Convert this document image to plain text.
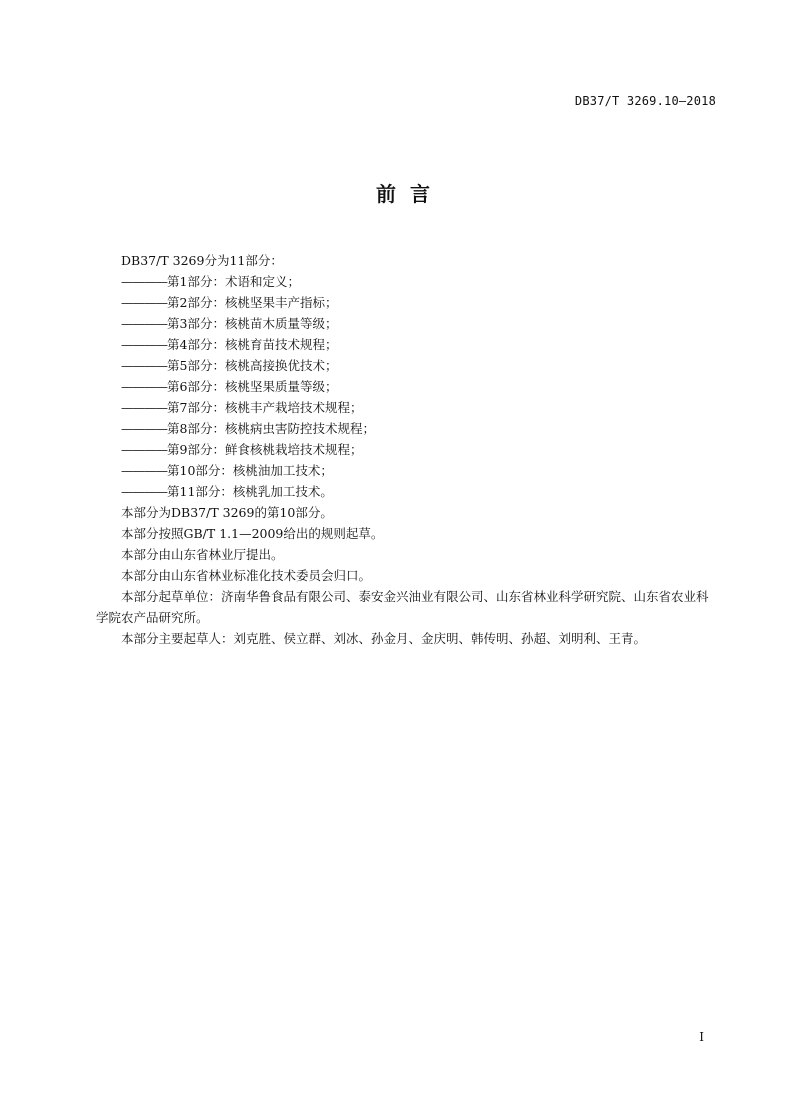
DB37/T 3269.10—2018
前言

DB37/T 3269分为11部分：

————第1部分：术语和定义；
————第2部分：核桃坚果丰产指标；
————第3部分：核桃苗木质量等级；
————第4部分：核桃育苗技术规程；
————第5部分：核桃高接换优技术；
————第6部分：核桃坚果质量等级；
————第7部分：核桃丰产栽培技术规程；
————第8部分：核桃病虫害防控技术规程；
————第9部分：鲜食核桃栽培技术规程；
————第10部分：核桃油加工技术；
————第11部分：核桃乳加工技术。

本部分为DB37/T 3269的第10部分。

本部分按照GB/T 1.1—2009给出的规则起草。

本部分由山东省林业厅提出。

本部分由山东省林业标准化技术委员会归口。

本部分起草单位：济南华鲁食品有限公司、泰安金兴油业有限公司、山东省林业科学研究院、山东省农业科学院农产品研究所。

本部分主要起草人：刘克胜、侯立群、刘冰、孙金月、金庆明、韩传明、孙超、刘明利、王青。

I
